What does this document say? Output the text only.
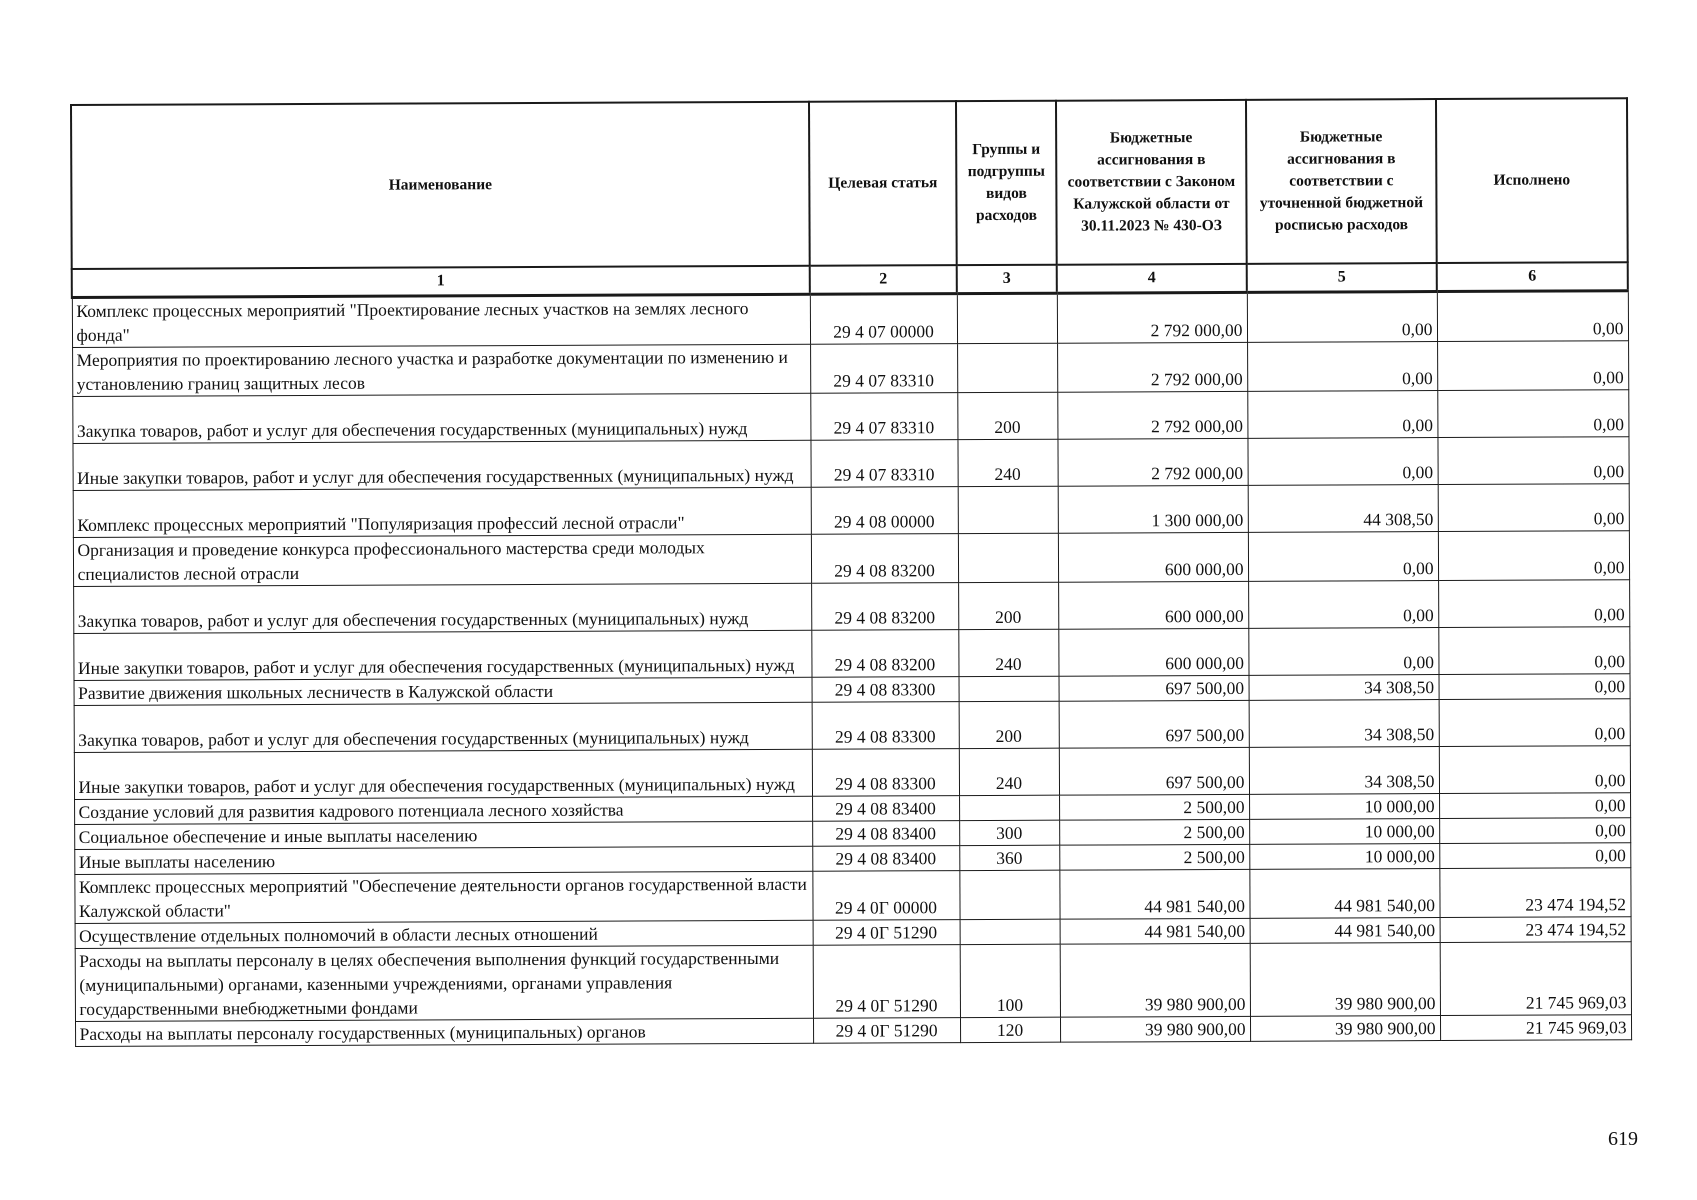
Наименование	Целевая статья	Группы и подгруппы видов расходов	Бюджетные ассигнования в соответствии с Законом Калужской области от 30.11.2023 № 430-ОЗ	Бюджетные ассигнования в соответствии с уточненной бюджетной росписью расходов	Исполнено
1	2	3	4	5	6
Комплекс процессных мероприятий "Проектирование лесных участков на землях лесного фонда"	29 4 07 00000		2 792 000,00	0,00	0,00
Мероприятия по проектированию лесного участка и разработке документации по изменению и установлению границ защитных лесов	29 4 07 83310		2 792 000,00	0,00	0,00
Закупка товаров, работ и услуг для обеспечения государственных (муниципальных) нужд	29 4 07 83310	200	2 792 000,00	0,00	0,00
Иные закупки товаров, работ и услуг для обеспечения государственных (муниципальных) нужд	29 4 07 83310	240	2 792 000,00	0,00	0,00
Комплекс процессных мероприятий "Популяризация профессий лесной отрасли"	29 4 08 00000		1 300 000,00	44 308,50	0,00
Организация и проведение конкурса профессионального мастерства среди молодых специалистов лесной отрасли	29 4 08 83200		600 000,00	0,00	0,00
Закупка товаров, работ и услуг для обеспечения государственных (муниципальных) нужд	29 4 08 83200	200	600 000,00	0,00	0,00
Иные закупки товаров, работ и услуг для обеспечения государственных (муниципальных) нужд	29 4 08 83200	240	600 000,00	0,00	0,00
Развитие движения школьных лесничеств в Калужской области	29 4 08 83300		697 500,00	34 308,50	0,00
Закупка товаров, работ и услуг для обеспечения государственных (муниципальных) нужд	29 4 08 83300	200	697 500,00	34 308,50	0,00
Иные закупки товаров, работ и услуг для обеспечения государственных (муниципальных) нужд	29 4 08 83300	240	697 500,00	34 308,50	0,00
Создание условий для развития кадрового потенциала лесного хозяйства	29 4 08 83400		2 500,00	10 000,00	0,00
Социальное обеспечение и иные выплаты населению	29 4 08 83400	300	2 500,00	10 000,00	0,00
Иные выплаты населению	29 4 08 83400	360	2 500,00	10 000,00	0,00
Комплекс процессных мероприятий "Обеспечение деятельности органов государственной власти Калужской области"	29 4 0Г 00000		44 981 540,00	44 981 540,00	23 474 194,52
Осуществление отдельных полномочий в области лесных отношений	29 4 0Г 51290		44 981 540,00	44 981 540,00	23 474 194,52
Расходы на выплаты персоналу в целях обеспечения выполнения функций государственными (муниципальными) органами, казенными учреждениями, органами управления государственными внебюджетными фондами	29 4 0Г 51290	100	39 980 900,00	39 980 900,00	21 745 969,03
Расходы на выплаты персоналу государственных (муниципальных) органов	29 4 0Г 51290	120	39 980 900,00	39 980 900,00	21 745 969,03
619
